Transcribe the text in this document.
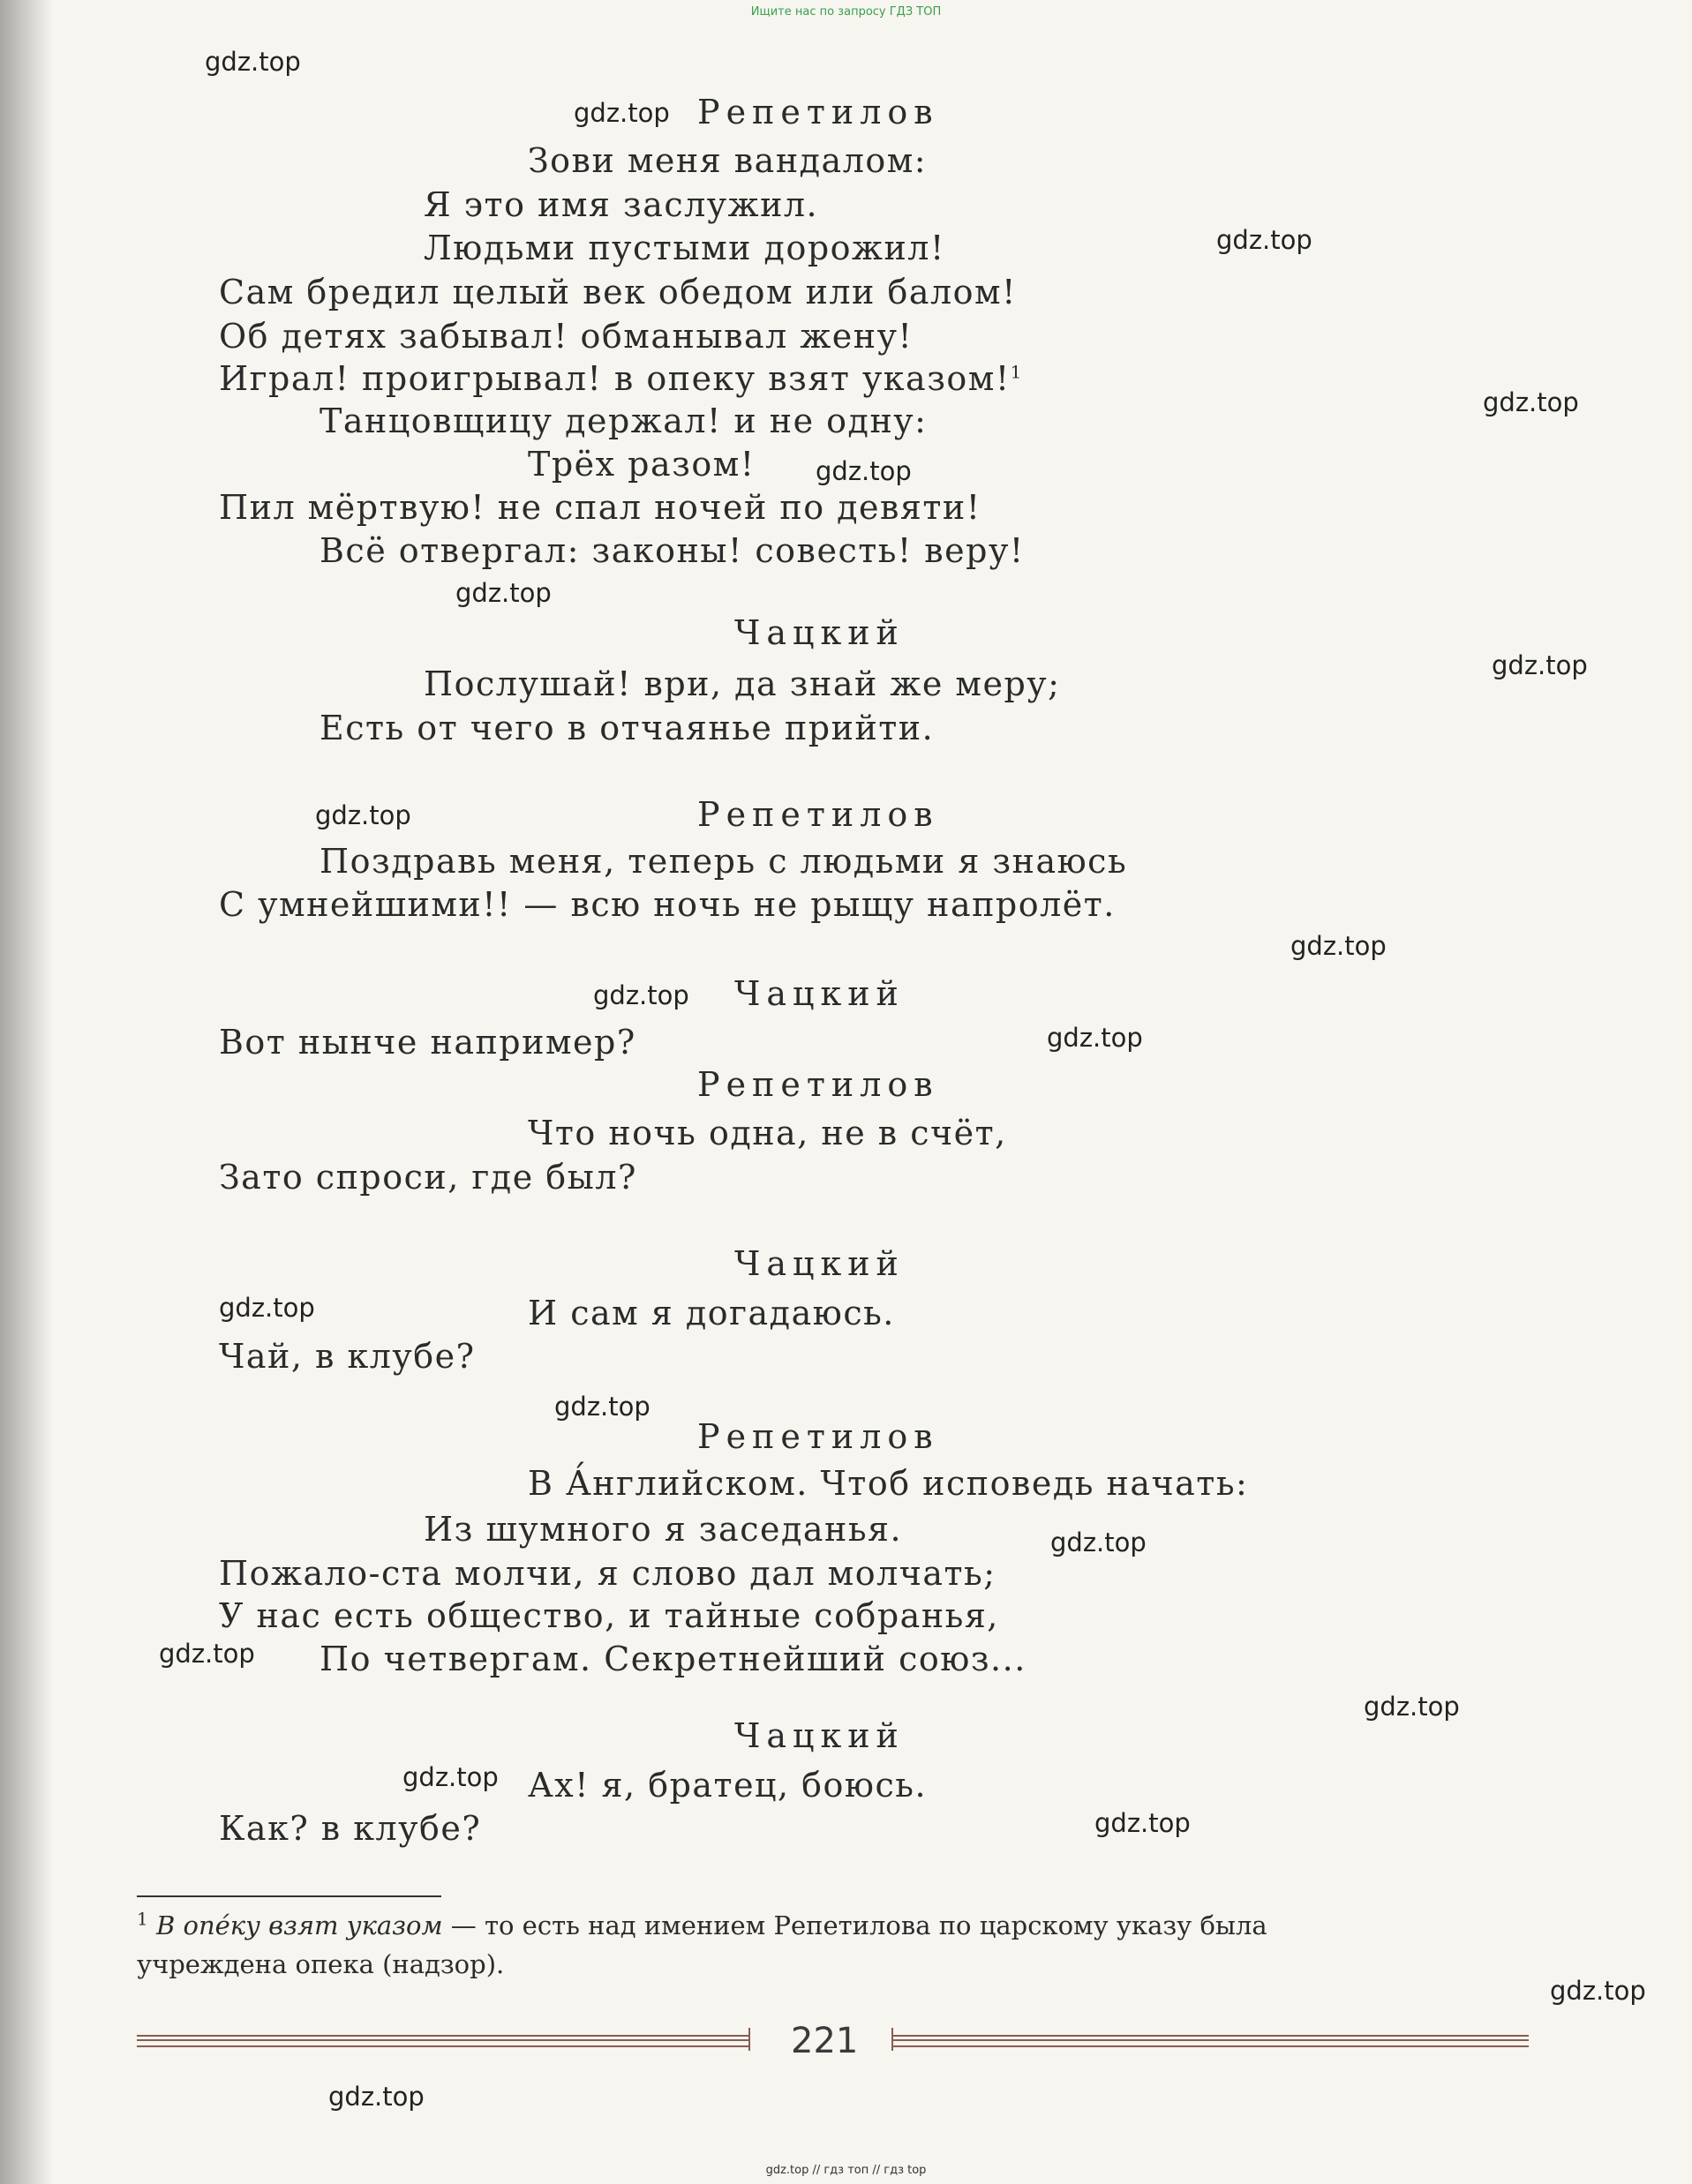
Ищите нас по запросу ГДЗ ТОП
Репетилов
Зови меня вандалом:
Я это имя заслужил.
Людьми пустыми дорожил!
Сам бредил целый век обедом или балом!
Об детях забывал! обманывал жену!
Играл! проигрывал! в опеку взят указом!$^1$
Танцовщицу держал! и не одну:
Трёх разом!
Пил мёртвую! не спал ночей по девяти!
Всё отвергал: законы! совесть! веру!
Чацкий
Послушай! ври, да знай же меру;
Есть от чего в отчаянье прийти.
Репетилов
Поздравь меня, теперь с людьми я знаюсь
С умнейшими!! — всю ночь не рыщу напролёт.
Чацкий
Вот нынче например?
Репетилов
Что ночь одна, не в счёт,
Зато спроси, где был?
Чацкий
И сам я догадаюсь.
Чай, в клубе?
Репетилов
В А́нглийском. Чтоб исповедь начать:
Из шумного я заседанья.
Пожало-ста молчи, я слово дал молчать;
У нас есть общество, и тайные собранья,
По четвергам. Секретнейший союз...
Чацкий
Ах! я, братец, боюсь.
Как? в клубе?
gdz.top
gdz.top
gdz.top
gdz.top
gdz.top
gdz.top
gdz.top
gdz.top
gdz.top
gdz.top
gdz.top
gdz.top
gdz.top
gdz.top
gdz.top
gdz.top
gdz.top
gdz.top
gdz.top
gdz.top
$^1$ В опе́ку взят указом — то есть над имением Репетилова по царскому указу была
учреждена опека (надзор).
221
gdz.top // гдз топ // гдз top
